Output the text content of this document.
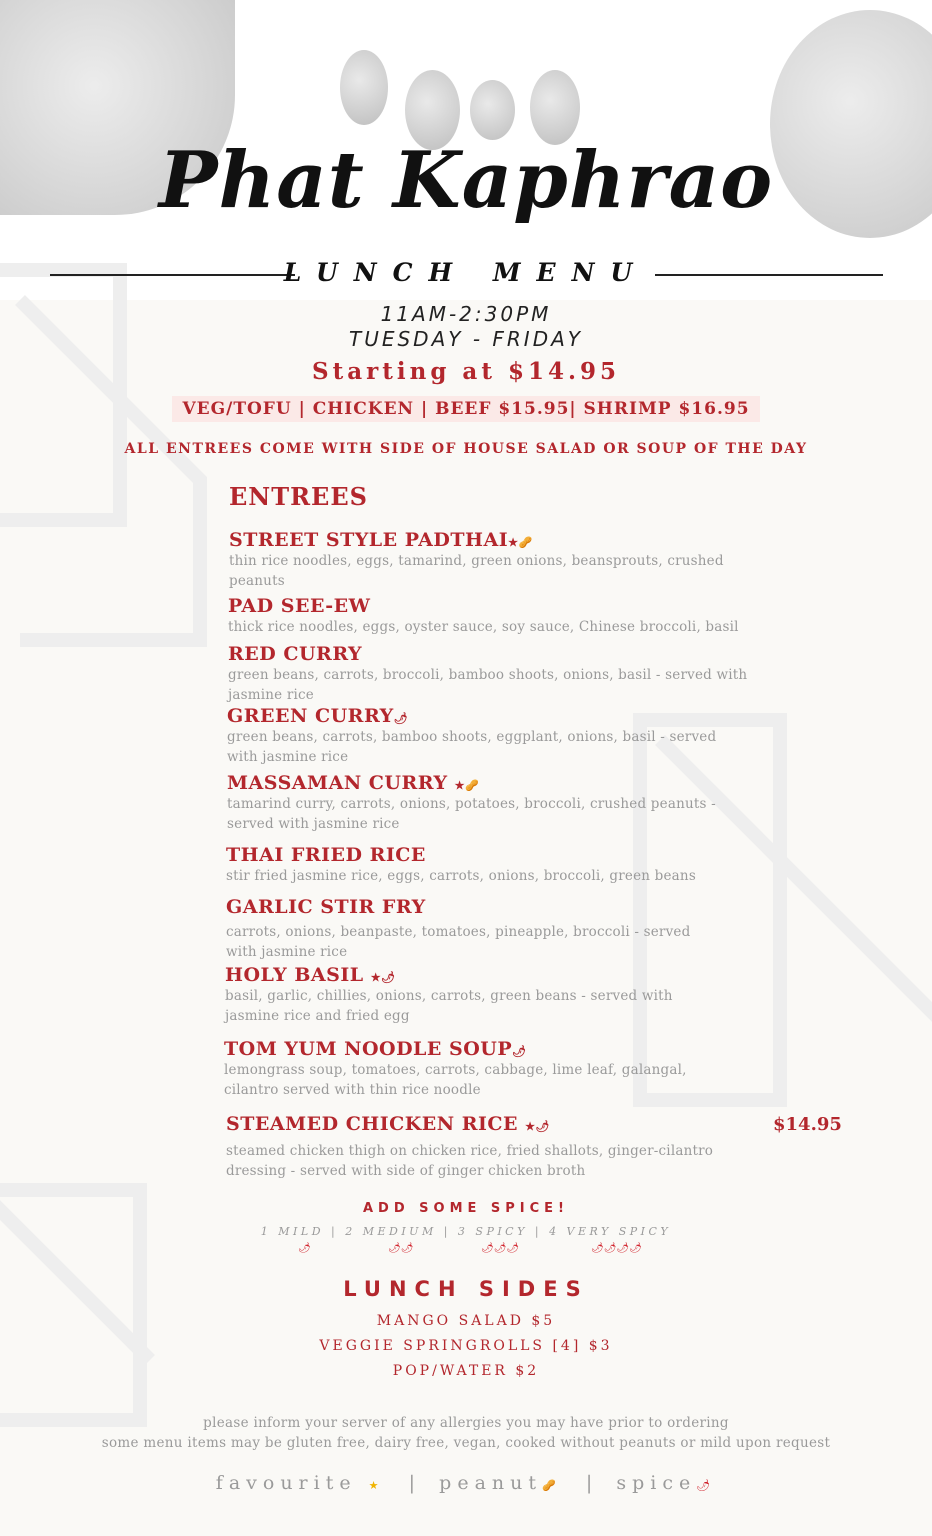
Phat Kaphrao
LUNCH MENU
11AM-2:30PM
TUESDAY - FRIDAY
Starting at $14.95
VEG/TOFU | CHICKEN | BEEF $15.95| SHRIMP $16.95
ALL ENTREES COME WITH SIDE OF HOUSE SALAD OR SOUP OF THE DAY
ENTREES
STREET STYLE PADTHAI★🥜
thin rice noodles, eggs, tamarind, green onions, beansprouts, crushed peanuts
PAD SEE-EW
thick rice noodles, eggs, oyster sauce, soy sauce, Chinese broccoli, basil
RED CURRY
green beans, carrots, broccoli, bamboo shoots, onions, basil - served with jasmine rice
GREEN CURRY🌶
green beans, carrots, bamboo shoots, eggplant, onions, basil - served with jasmine rice
MASSAMAN CURRY ★🥜
tamarind curry, carrots, onions, potatoes, broccoli, crushed peanuts - served with jasmine rice
THAI FRIED RICE
stir fried jasmine rice, eggs, carrots, onions, broccoli, green beans
GARLIC STIR FRY
carrots, onions, beanpaste, tomatoes, pineapple, broccoli - served with jasmine rice
HOLY BASIL ★🌶
basil, garlic, chillies, onions, carrots, green beans - served with jasmine rice and fried egg
TOM YUM NOODLE SOUP🌶
lemongrass soup, tomatoes, carrots, cabbage, lime leaf, galangal, cilantro served with thin rice noodle
STEAMED CHICKEN RICE ★🌶
steamed chicken thigh on chicken rice, fried shallots, ginger-cilantro dressing - served with side of ginger chicken broth
$14.95
ADD SOME SPICE!
1 MILD | 2 MEDIUM | 3 SPICY | 4 VERY SPICY
🌶	🌶🌶	🌶🌶🌶	🌶🌶🌶🌶
LUNCH SIDES
MANGO SALAD $5
VEGGIE SPRINGROLLS [4] $3
POP/WATER $2
please inform your server of any allergies you may have prior to ordering
some menu items may be gluten free, dairy free, vegan, cooked without peanuts or mild upon request
favourite ★   |   peanut🥜   |   spice🌶
